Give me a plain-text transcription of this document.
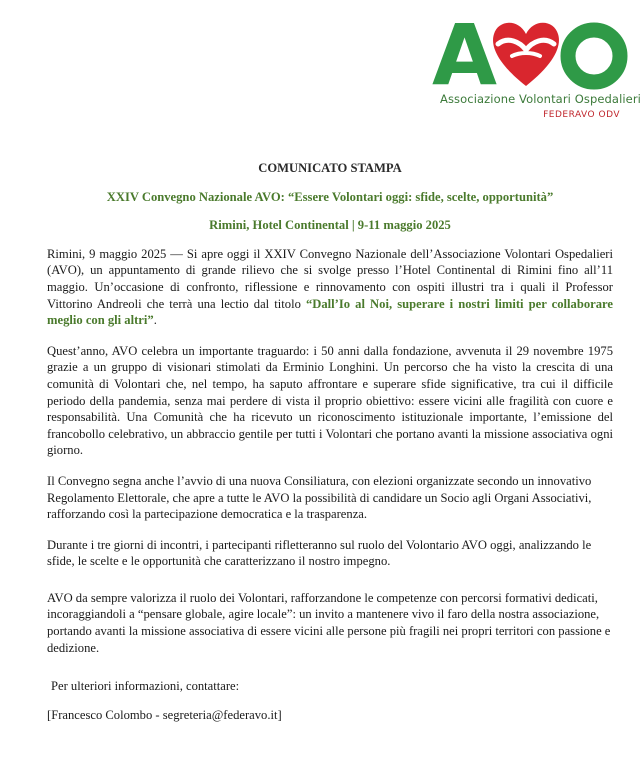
A
Associazione Volontari Ospedalieri
FEDERAVO ODV
COMUNICATO STAMPA
XXIV Convegno Nazionale AVO: “Essere Volontari oggi: sfide, scelte, opportunità”
Rimini, Hotel Continental | 9-11 maggio 2025

Rimini, 9 maggio 2025 — Si apre oggi il XXIV Convegno Nazionale dell’Associazione Volontari Ospedalieri (AVO), un appuntamento di grande rilievo che si svolge presso l’Hotel Continental di Rimini fino all’11 maggio. Un’occasione di confronto, riflessione e rinnovamento con ospiti illustri tra i quali il Professor Vittorino Andreoli che terrà una lectio dal titolo “Dall’Io al Noi, superare i nostri limiti per collaborare meglio con gli altri”.

Quest’anno, AVO celebra un importante traguardo: i 50 anni dalla fondazione, avvenuta il 29 novembre 1975 grazie a un gruppo di visionari stimolati da Erminio Longhini. Un percorso che ha visto la crescita di una comunità di Volontari che, nel tempo, ha saputo affrontare e superare sfide significative, tra cui il difficile periodo della pandemia, senza mai perdere di vista il proprio obiettivo: essere vicini alle fragilità con cuore e responsabilità. Una Comunità che ha ricevuto un riconoscimento istituzionale importante, l’emissione del francobollo celebrativo, un abbraccio gentile per tutti i Volontari che portano avanti la missione associativa ogni giorno.

Il Convegno segna anche l’avvio di una nuova Consiliatura, con elezioni organizzate secondo un innovativo Regolamento Elettorale, che apre a tutte le AVO la possibilità di candidare un Socio agli Organi Associativi, rafforzando così la partecipazione democratica e la trasparenza.

Durante i tre giorni di incontri, i partecipanti rifletteranno sul ruolo del Volontario AVO oggi, analizzando le sfide, le scelte e le opportunità che caratterizzano il nostro impegno.

AVO da sempre valorizza il ruolo dei Volontari, rafforzandone le competenze con percorsi formativi dedicati, incoraggiandoli a “pensare globale, agire locale”: un invito a mantenere vivo il faro della nostra associazione, portando avanti la missione associativa di essere vicini alle persone più fragili nei propri territori con passione e dedizione.

Per ulteriori informazioni, contattare:

[Francesco Colombo - segreteria@federavo.it]
